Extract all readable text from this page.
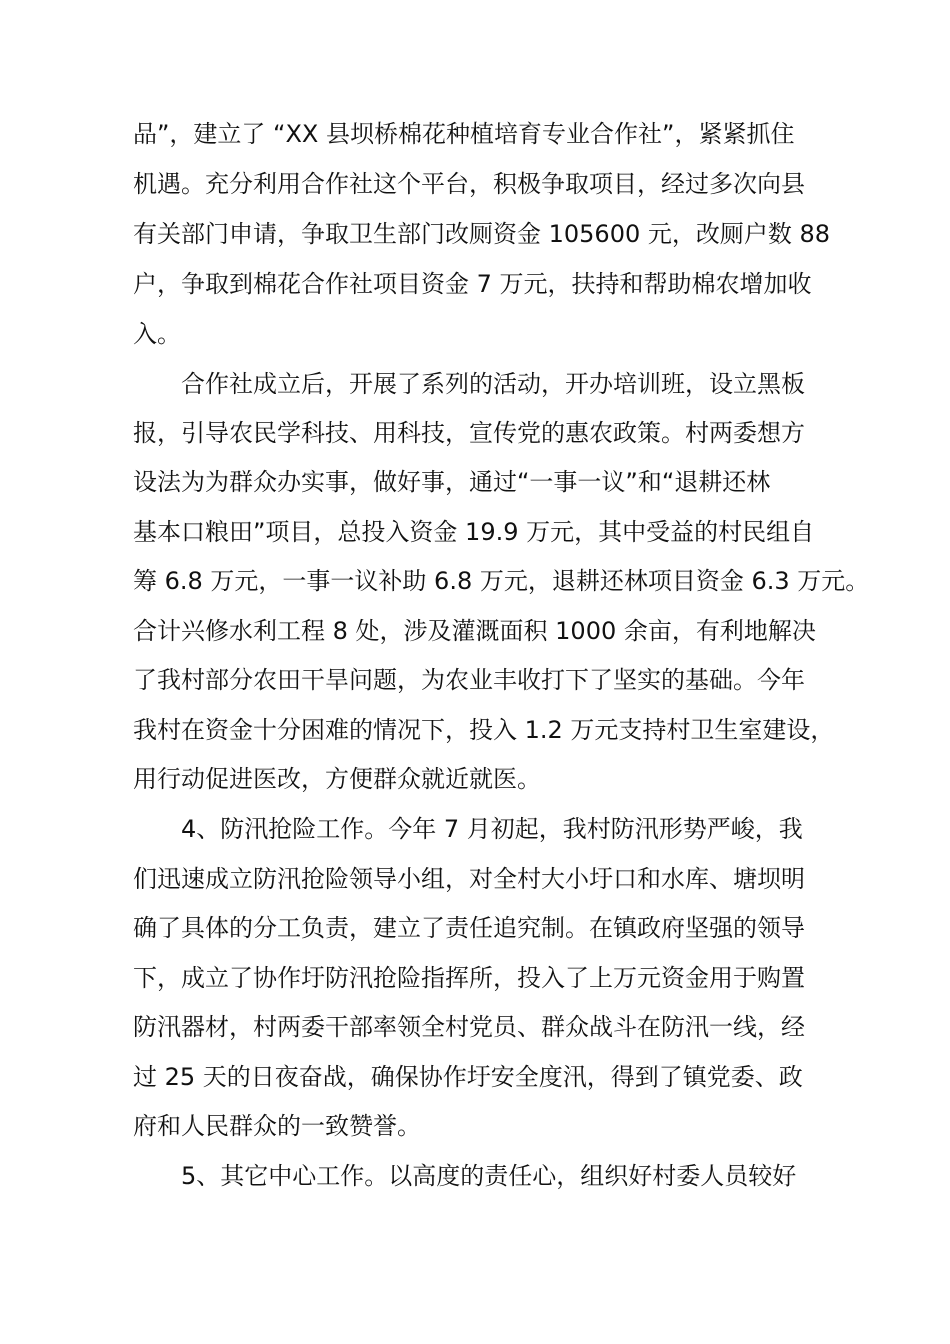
品”，建立了 “XX 县坝桥棉花种植培育专业合作社”，紧紧抓住
机遇。充分利用合作社这个平台，积极争取项目，经过多次向县
有关部门申请，争取卫生部门改厕资金 105600 元，改厕户数 88
户，争取到棉花合作社项目资金 7 万元，扶持和帮助棉农增加收
入。
合作社成立后，开展了系列的活动，开办培训班，设立黑板
报，引导农民学科技、用科技，宣传党的惠农政策。村两委想方
设法为为群众办实事，做好事，通过“一事一议”和“退耕还林
基本口粮田”项目，总投入资金 19.9 万元，其中受益的村民组自
筹 6.8 万元，一事一议补助 6.8 万元，退耕还林项目资金 6.3 万元。
合计兴修水利工程 8 处，涉及灌溉面积 1000 余亩，有利地解决
了我村部分农田干旱问题，为农业丰收打下了坚实的基础。今年
我村在资金十分困难的情况下，投入 1.2 万元支持村卫生室建设，
用行动促进医改，方便群众就近就医。
4、防汛抢险工作。今年 7 月初起，我村防汛形势严峻，我
们迅速成立防汛抢险领导小组，对全村大小圩口和水库、塘坝明
确了具体的分工负责，建立了责任追究制。在镇政府坚强的领导
下，成立了协作圩防汛抢险指挥所，投入了上万元资金用于购置
防汛器材，村两委干部率领全村党员、群众战斗在防汛一线，经
过 25 天的日夜奋战，确保协作圩安全度汛，得到了镇党委、政
府和人民群众的一致赞誉。
5、其它中心工作。以高度的责任心，组织好村委人员较好
